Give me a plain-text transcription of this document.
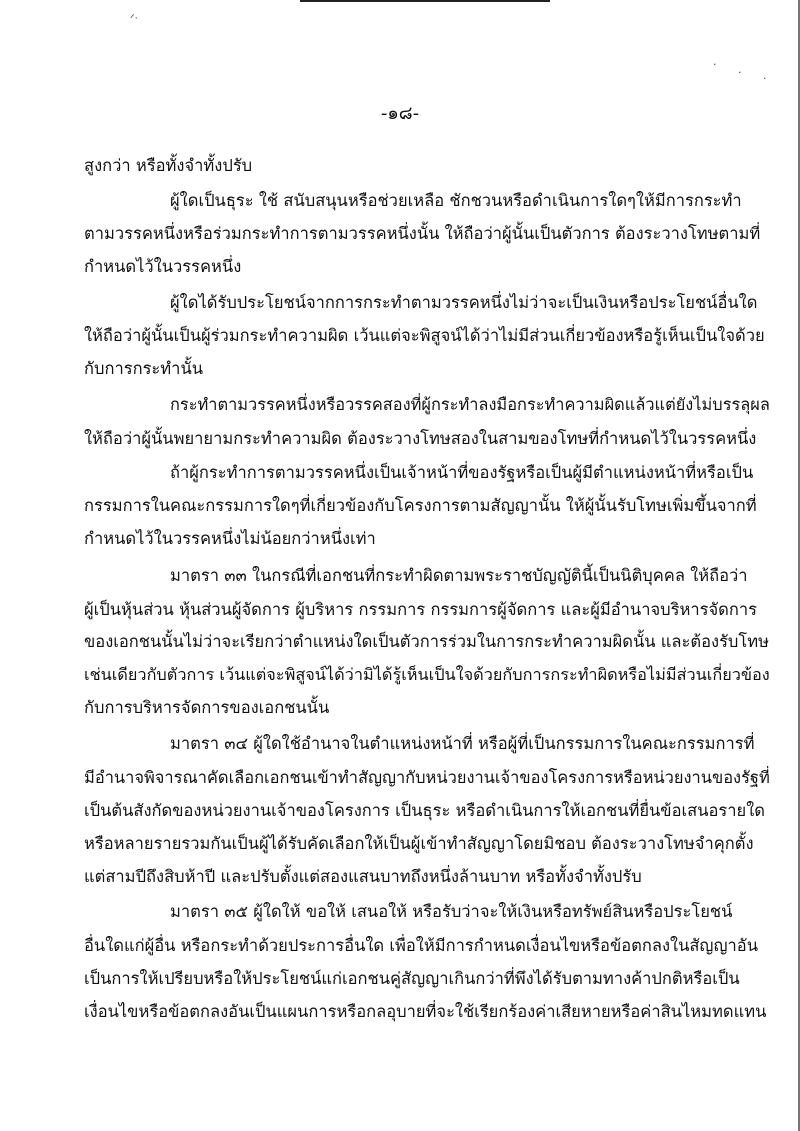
ᐟᐧ
·
· ·
-๑๘-
สูงกว่า หรือทั้งจำทั้งปรับ
ผู้ใดเป็นธุระ ใช้ สนับสนุนหรือช่วยเหลือ ชักชวนหรือดำเนินการใดๆให้มีการกระทำ
ตามวรรคหนึ่งหรือร่วมกระทำการตามวรรคหนึ่งนั้น ให้ถือว่าผู้นั้นเป็นตัวการ ต้องระวางโทษตามที่
กำหนดไว้ในวรรคหนึ่ง
ผู้ใดได้รับประโยชน์จากการกระทำตามวรรคหนึ่งไม่ว่าจะเป็นเงินหรือประโยชน์อื่นใด
ให้ถือว่าผู้นั้นเป็นผู้ร่วมกระทำความผิด เว้นแต่จะพิสูจน์ได้ว่าไม่มีส่วนเกี่ยวข้องหรือรู้เห็นเป็นใจด้วย
กับการกระทำนั้น
กระทำตามวรรคหนึ่งหรือวรรคสองที่ผู้กระทำลงมือกระทำความผิดแล้วแต่ยังไม่บรรลุผล
ให้ถือว่าผู้นั้นพยายามกระทำความผิด ต้องระวางโทษสองในสามของโทษที่กำหนดไว้ในวรรคหนึ่ง
ถ้าผู้กระทำการตามวรรคหนึ่งเป็นเจ้าหน้าที่ของรัฐหรือเป็นผู้มีตำแหน่งหน้าที่หรือเป็น
กรรมการในคณะกรรมการใดๆที่เกี่ยวข้องกับโครงการตามสัญญานั้น ให้ผู้นั้นรับโทษเพิ่มขึ้นจากที่
กำหนดไว้ในวรรคหนึ่งไม่น้อยกว่าหนึ่งเท่า
มาตรา ๓๓ ในกรณีที่เอกชนที่กระทำผิดตามพระราชบัญญัตินี้เป็นนิติบุคคล ให้ถือว่า
ผู้เป็นหุ้นส่วน หุ้นส่วนผู้จัดการ ผู้บริหาร กรรมการ กรรมการผู้จัดการ และผู้มีอำนาจบริหารจัดการ
ของเอกชนนั้นไม่ว่าจะเรียกว่าตำแหน่งใดเป็นตัวการร่วมในการกระทำความผิดนั้น และต้องรับโทษ
เช่นเดียวกับตัวการ เว้นแต่จะพิสูจน์ได้ว่ามิได้รู้เห็นเป็นใจด้วยกับการกระทำผิดหรือไม่มีส่วนเกี่ยวข้อง
กับการบริหารจัดการของเอกชนนั้น
มาตรา ๓๔ ผู้ใดใช้อำนาจในตำแหน่งหน้าที่ หรือผู้ที่เป็นกรรมการในคณะกรรมการที่
มีอำนาจพิจารณาคัดเลือกเอกชนเข้าทำสัญญากับหน่วยงานเจ้าของโครงการหรือหน่วยงานของรัฐที่
เป็นต้นสังกัดของหน่วยงานเจ้าของโครงการ เป็นธุระ หรือดำเนินการให้เอกชนที่ยื่นข้อเสนอรายใด
หรือหลายรายรวมกันเป็นผู้ได้รับคัดเลือกให้เป็นผู้เข้าทำสัญญาโดยมิชอบ ต้องระวางโทษจำคุกตั้ง
แต่สามปีถึงสิบห้าปี และปรับตั้งแต่สองแสนบาทถึงหนึ่งล้านบาท หรือทั้งจำทั้งปรับ
มาตรา ๓๕ ผู้ใดให้ ขอให้ เสนอให้ หรือรับว่าจะให้เงินหรือทรัพย์สินหรือประโยชน์
อื่นใดแก่ผู้อื่น หรือกระทำด้วยประการอื่นใด เพื่อให้มีการกำหนดเงื่อนไขหรือข้อตกลงในสัญญาอัน
เป็นการให้เปรียบหรือให้ประโยชน์แก่เอกชนคู่สัญญาเกินกว่าที่พึงได้รับตามทางค้าปกติหรือเป็น
เงื่อนไขหรือข้อตกลงอันเป็นแผนการหรือกลอุบายที่จะใช้เรียกร้องค่าเสียหายหรือค่าสินไหมทดแทน
